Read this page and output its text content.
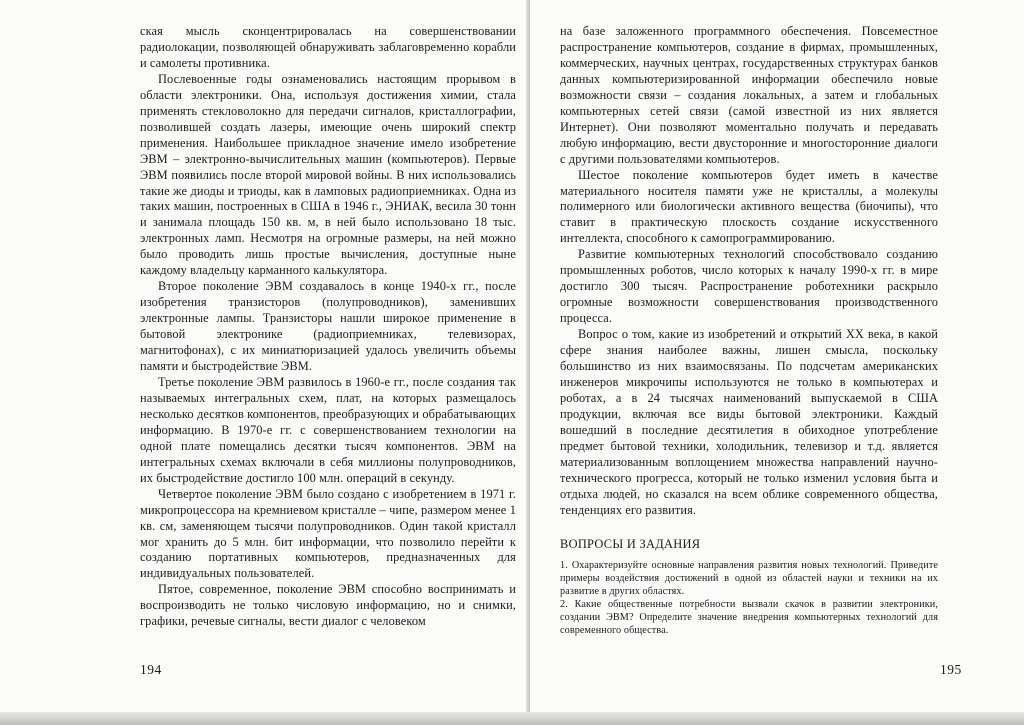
ская мысль сконцентрировалась на совершенствовании радиолокации, позволяющей обнаруживать заблаговременно корабли и самолеты противника.

Послевоенные годы ознаменовались настоящим прорывом в области электроники. Она, используя достижения химии, стала применять стекловолокно для передачи сигналов, кристаллографии, позволившей создать лазеры, имеющие очень широкий спектр применения. Наибольшее прикладное значение имело изобретение ЭВМ – электронно-вычислительных машин (компьютеров). Первые ЭВМ появились после второй мировой войны. В них использовались такие же диоды и триоды, как в ламповых радиоприемниках. Одна из таких машин, построенных в США в 1946 г., ЭНИАК, весила 30 тонн и занимала площадь 150 кв. м, в ней было использовано 18 тыс. электронных ламп. Несмотря на огромные размеры, на ней можно было проводить лишь простые вычисления, доступные ныне каждому владельцу карманного калькулятора.

Второе поколение ЭВМ создавалось в конце 1940-х гг., после изобретения транзисторов (полупроводников), заменивших электронные лампы. Транзисторы нашли широкое применение в бытовой электронике (радиоприемниках, телевизорах, магнитофонах), с их миниатюризацией удалось увеличить объемы памяти и быстродействие ЭВМ.

Третье поколение ЭВМ развилось в 1960-е гг., после создания так называемых интегральных схем, плат, на которых размещалось несколько десятков компонентов, преобразующих и обрабатывающих информацию. В 1970-е гг. с совершенствованием технологии на одной плате помещались десятки тысяч компонентов. ЭВМ на интегральных схемах включали в себя миллионы полупроводников, их быстродействие достигло 100 млн. операций в секунду.

Четвертое поколение ЭВМ было создано с изобретением в 1971 г. микропроцессора на кремниевом кристалле – чипе, размером менее 1 кв. см, заменяющем тысячи полупроводников. Один такой кристалл мог хранить до 5 млн. бит информации, что позволило перейти к созданию портативных компьютеров, предназначенных для индивидуальных пользователей.

Пятое, современное, поколение ЭВМ способно воспринимать и воспроизводить не только числовую информацию, но и снимки, графики, речевые сигналы, вести диалог с человеком

194

на базе заложенного программного обеспечения. Повсеместное распространение компьютеров, создание в фирмах, промышленных, коммерческих, научных центрах, государственных структурах банков данных компьютеризированной информации обеспечило новые возможности связи – создания локальных, а затем и глобальных компьютерных сетей связи (самой известной из них является Интернет). Они позволяют моментально получать и передавать любую информацию, вести двусторонние и многосторонние диалоги с другими пользователями компьютеров.

Шестое поколение компьютеров будет иметь в качестве материального носителя памяти уже не кристаллы, а молекулы полимерного или биологически активного вещества (биочипы), что ставит в практическую плоскость создание искусственного интеллекта, способного к самопрограммированию.

Развитие компьютерных технологий способствовало созданию промышленных роботов, число которых к началу 1990-х гг. в мире достигло 300 тысяч. Распространение роботехники раскрыло огромные возможности совершенствования производственного процесса.

Вопрос о том, какие из изобретений и открытий XX века, в какой сфере знания наиболее важны, лишен смысла, поскольку большинство из них взаимосвязаны. По подсчетам американских инженеров микрочипы используются не только в компьютерах и роботах, а в 24 тысячах наименований выпускаемой в США продукции, включая все виды бытовой электроники. Каждый вошедший в последние десятилетия в обиходное употребление предмет бытовой техники, холодильник, телевизор и т.д. является материализованным воплощением множества направлений научно-технического прогресса, который не только изменил условия быта и отдыха людей, но сказался на всем облике современного общества, тенденциях его развития.

ВОПРОСЫ И ЗАДАНИЯ

1. Охарактеризуйте основные направления развития новых технологий. Приведите примеры воздействия достижений в одной из областей науки и техники на их развитие в других областях.

2. Какие общественные потребности вызвали скачок в развитии электроники, создании ЭВМ? Определите значение внедрения компьютерных технологий для современного общества.

195
